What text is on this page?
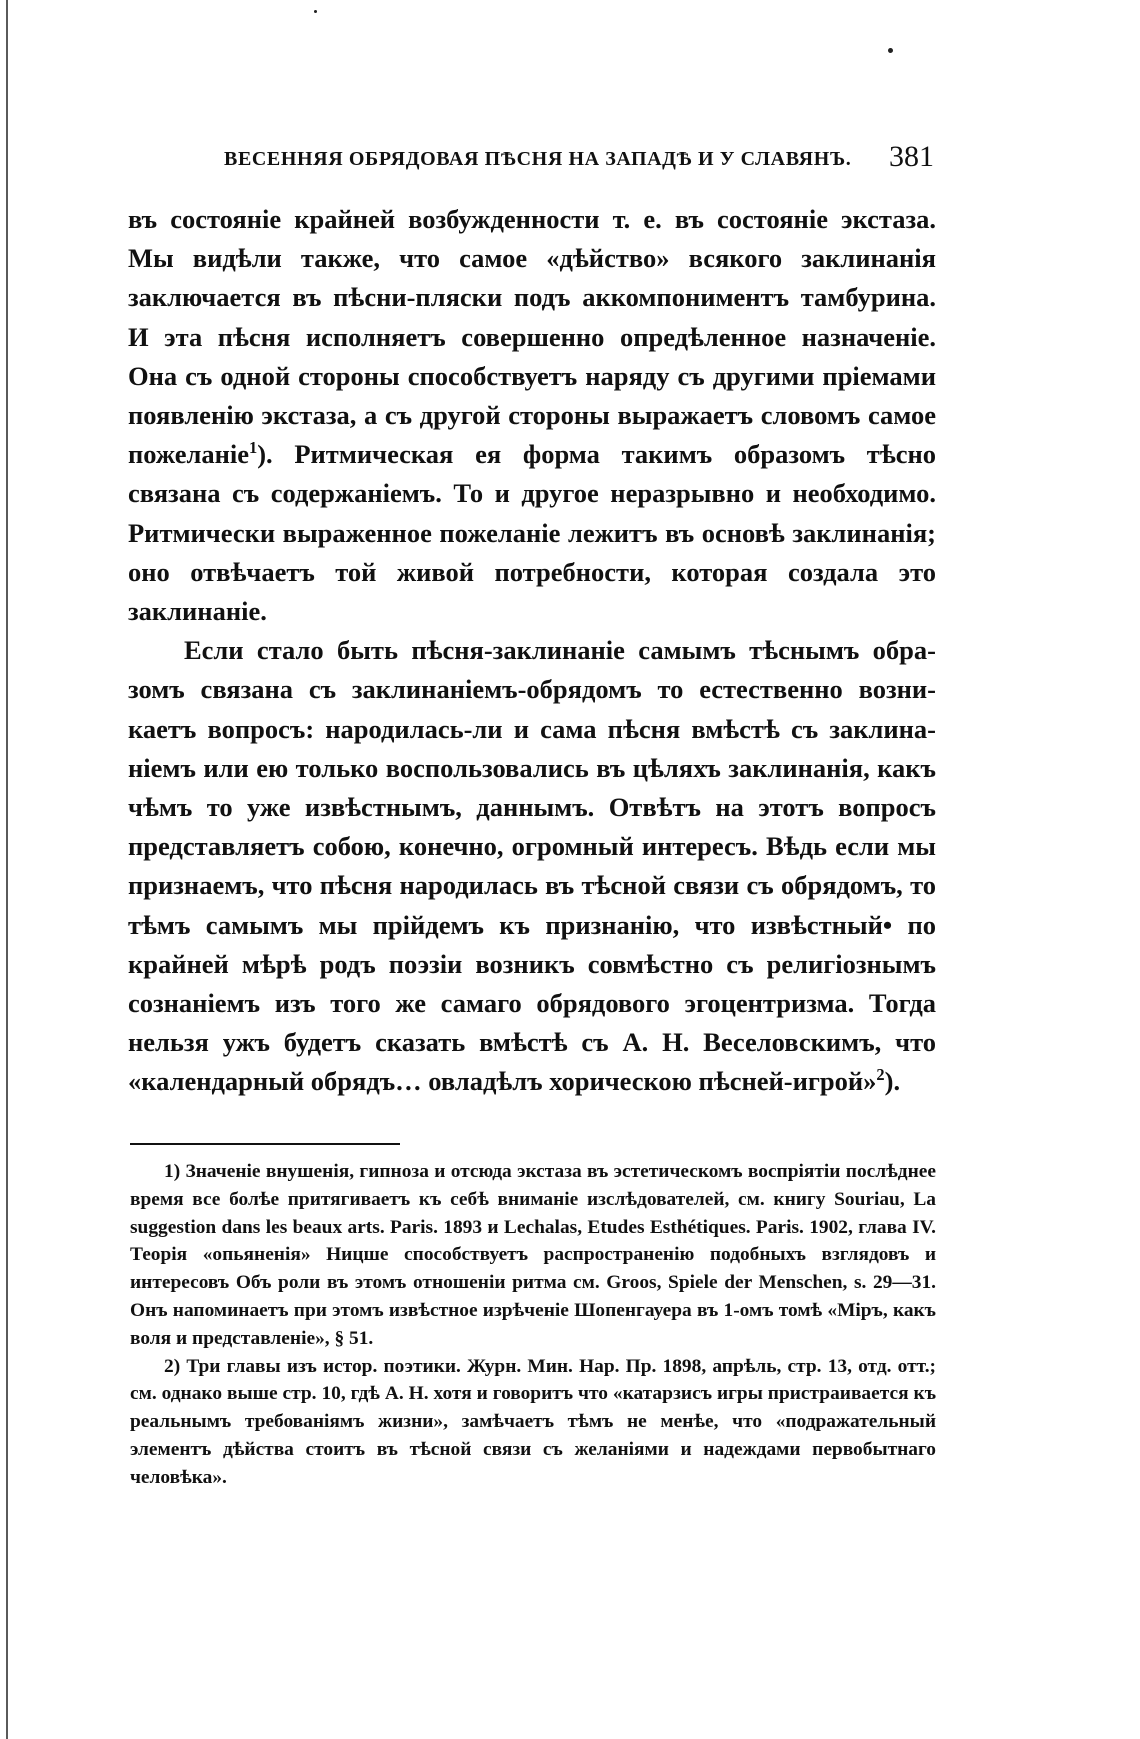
ВЕСЕННЯЯ ОБРЯДОВАЯ ПѢСНЯ НА ЗАПАДѢ И У СЛАВЯНЪ. 381

въ состояніе крайней возбужденности т. е. въ состояніе экстаза. Мы видѣли также, что самое «дѣйство» всякого заклинанія заключается въ пѣсни-пляски подъ аккомпониментъ тамбурина. И эта пѣсня исполняетъ совершенно опредѣленное назначеніе. Она съ одной стороны способствуетъ наряду съ другими пріемами появленію экстаза, а съ другой стороны выражаетъ словомъ самое пожеланіе$^1$). Ритмическая ея форма такимъ образомъ тѣсно связана съ содержаніемъ. То и другое неразрывно и необходимо. Ритмически выраженное пожеланіе лежитъ въ основѣ заклинанія; оно отвѣчаетъ той живой потребности, которая создала это заклинаніе.

Если стало быть пѣсня-заклинаніе самымъ тѣснымъ образомъ связана съ заклинаніемъ-обрядомъ то естественно возникаетъ вопросъ: народилась-ли и сама пѣсня вмѣстѣ съ заклинаніемъ или ею только воспользовались въ цѣляхъ заклинанія, какъ чѣмъ то уже извѣстнымъ, даннымъ. Отвѣтъ на этотъ вопросъ представляетъ собою, конечно, огромный интересъ. Вѣдь если мы признаемъ, что пѣсня народилась въ тѣсной связи съ обрядомъ, то тѣмъ самымъ мы прійдемъ къ признанію, что извѣстный• по крайней мѣрѣ родъ поэзіи возникъ совмѣстно съ религіознымъ сознаніемъ изъ того же самаго обрядового эгоцентризма. Тогда нельзя ужъ будетъ сказать вмѣстѣ съ А. Н. Веселовскимъ, что «календарный обрядъ… овладѣлъ хорическою пѣсней-игрой»$^2$).

1) Значеніе внушенія, гипноза и отсюда экстаза въ эстетическомъ воспріятіи послѣднее время все болѣе притягиваетъ къ себѣ вниманіе изслѣдователей, см. книгу Souriau, La suggestion dans les beaux arts. Paris. 1893 и Lechalas, Etudes Esthétiques. Paris. 1902, глава IV. Теорія «опьяненія» Ницше способствуетъ распространенію подобныхъ взглядовъ и интересовъ Объ роли въ этомъ отношеніи ритма см. Groos, Spiele der Menschen, s. 29—31. Онъ напоминаетъ при этомъ извѣстное изрѣченіе Шопенгауера въ 1-омъ томѣ «Міръ, какъ воля и представленіе», § 51.

2) Три главы изъ истор. поэтики. Журн. Мин. Нар. Пр. 1898, апрѣль, стр. 13, отд. отт.; см. однако выше стр. 10, гдѣ А. Н. хотя и говоритъ что «катарзисъ игры пристраивается къ реальнымъ требованіямъ жизни», замѣчаетъ тѣмъ не менѣе, что «подражательный элементъ дѣйства стоитъ въ тѣсной связи съ желаніями и надеждами первобытнаго человѣка».
